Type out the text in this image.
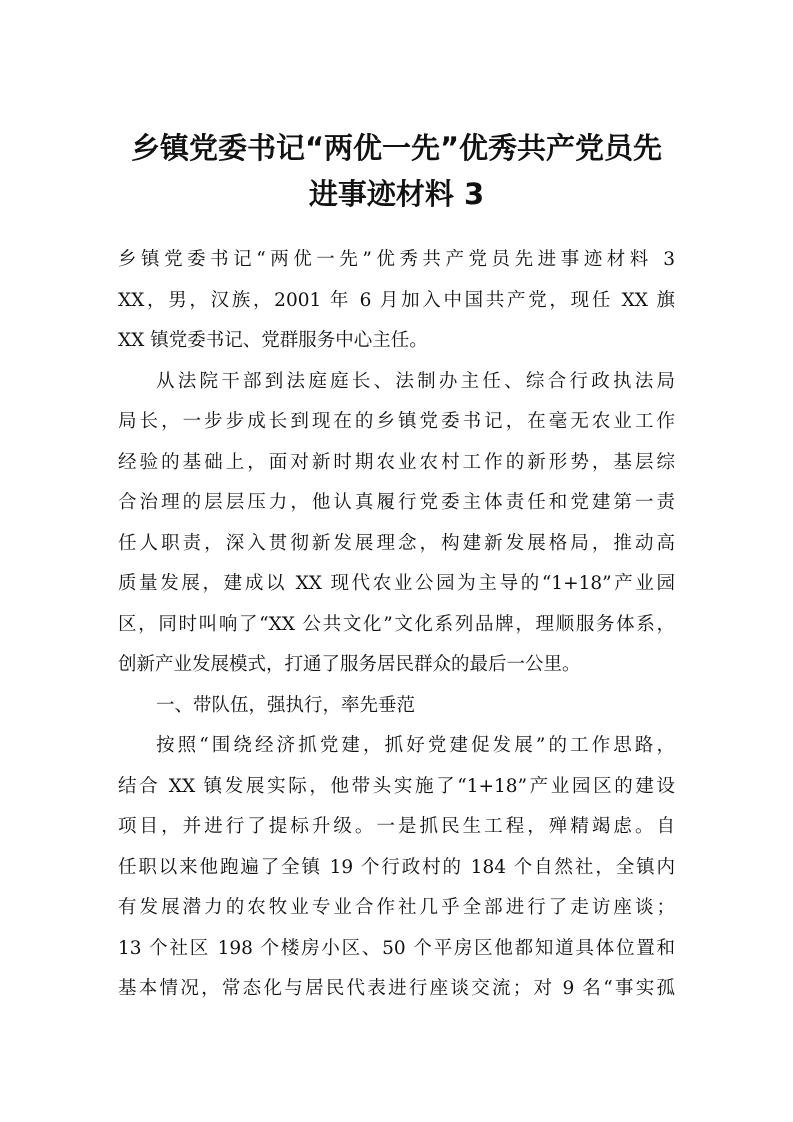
乡镇党委书记“两优一先”优秀共产党员先
进事迹材料 3
乡镇党委书记“两优一先”优秀共产党员先进事迹材料 3
XX，男，汉族，2001 年 6 月加入中国共产党，现任 XX 旗
XX 镇党委书记、党群服务中心主任。
从法院干部到法庭庭长、法制办主任、综合行政执法局
局长，一步步成长到现在的乡镇党委书记，在毫无农业工作
经验的基础上，面对新时期农业农村工作的新形势，基层综
合治理的层层压力，他认真履行党委主体责任和党建第一责
任人职责，深入贯彻新发展理念，构建新发展格局，推动高
质量发展，建成以 XX 现代农业公园为主导的“1+18”产业园
区，同时叫响了“XX 公共文化”文化系列品牌，理顺服务体系，
创新产业发展模式，打通了服务居民群众的最后一公里。
一、带队伍，强执行，率先垂范
按照“围绕经济抓党建，抓好党建促发展”的工作思路，
结合 XX 镇发展实际，他带头实施了“1+18”产业园区的建设
项目，并进行了提标升级。一是抓民生工程，殚精竭虑。自
任职以来他跑遍了全镇 19 个行政村的 184 个自然社，全镇内
有发展潜力的农牧业专业合作社几乎全部进行了走访座谈；
13 个社区 198 个楼房小区、50 个平房区他都知道具体位置和
基本情况，常态化与居民代表进行座谈交流；对 9 名“事实孤
